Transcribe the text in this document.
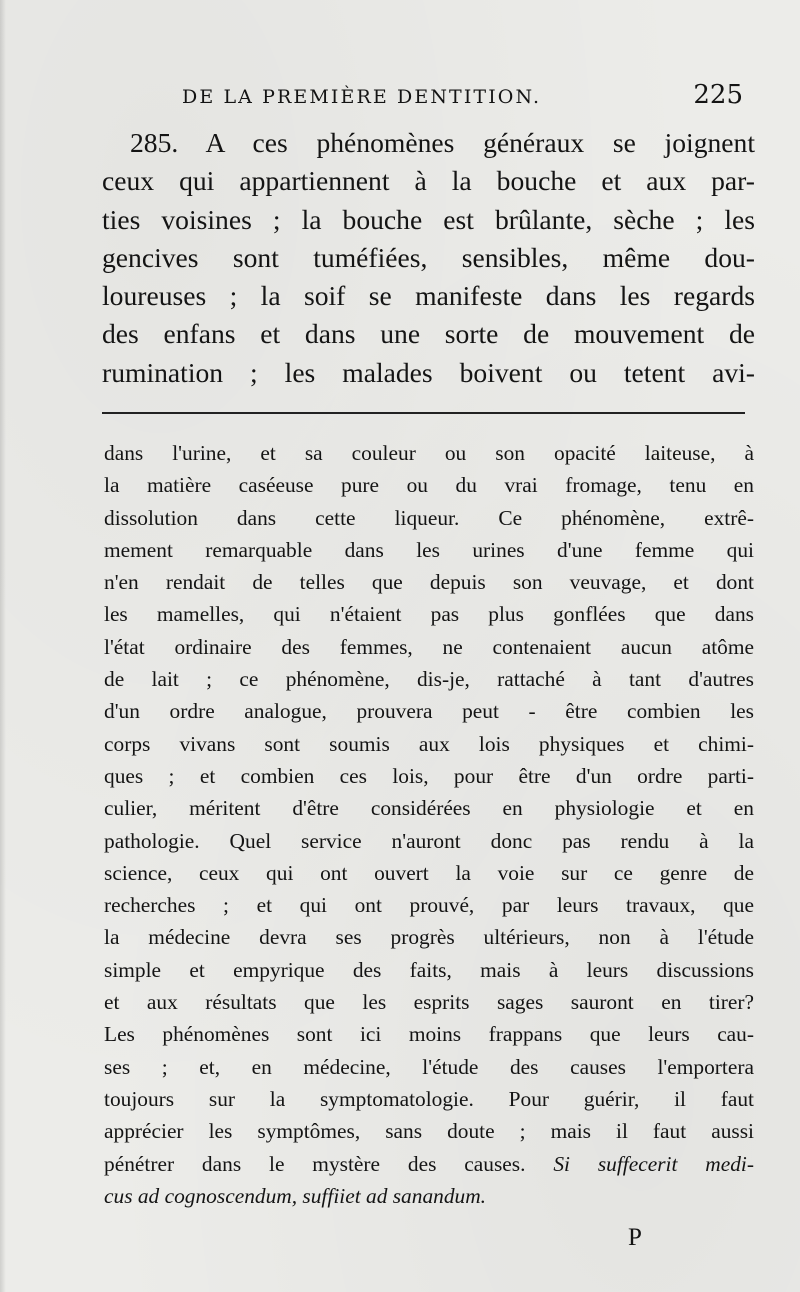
DE LA PREMIÈRE DENTITION.	225
285. A ces phénomènes généraux se joignent
ceux qui appartiennent à la bouche et aux par-
ties voisines ; la bouche est brûlante, sèche ; les
gencives sont tuméfiées, sensibles, même dou-
loureuses ; la soif se manifeste dans les regards
des enfans et dans une sorte de mouvement de
rumination ; les malades boivent ou tetent avi-
dans l'urine, et sa couleur ou son opacité laiteuse, à
la matière caséeuse pure ou du vrai fromage, tenu en
dissolution dans cette liqueur. Ce phénomène, extrê-
mement remarquable dans les urines d'une femme qui
n'en rendait de telles que depuis son veuvage, et dont
les mamelles, qui n'étaient pas plus gonflées que dans
l'état ordinaire des femmes, ne contenaient aucun atôme
de lait ; ce phénomène, dis-je, rattaché à tant d'autres
d'un ordre analogue, prouvera peut - être combien les
corps vivans sont soumis aux lois physiques et chimi-
ques ; et combien ces lois, pour être d'un ordre parti-
culier, méritent d'être considérées en physiologie et en
pathologie. Quel service n'auront donc pas rendu à la
science, ceux qui ont ouvert la voie sur ce genre de
recherches ; et qui ont prouvé, par leurs travaux, que
la médecine devra ses progrès ultérieurs, non à l'étude
simple et empyrique des faits, mais à leurs discussions
et aux résultats que les esprits sages sauront en tirer?
Les phénomènes sont ici moins frappans que leurs cau-
ses ; et, en médecine, l'étude des causes l'emportera
toujours sur la symptomatologie. Pour guérir, il faut
apprécier les symptômes, sans doute ; mais il faut aussi
pénétrer dans le mystère des causes. Si suffecerit medi-
cus ad cognoscendum, suffiiet ad sanandum.
P
